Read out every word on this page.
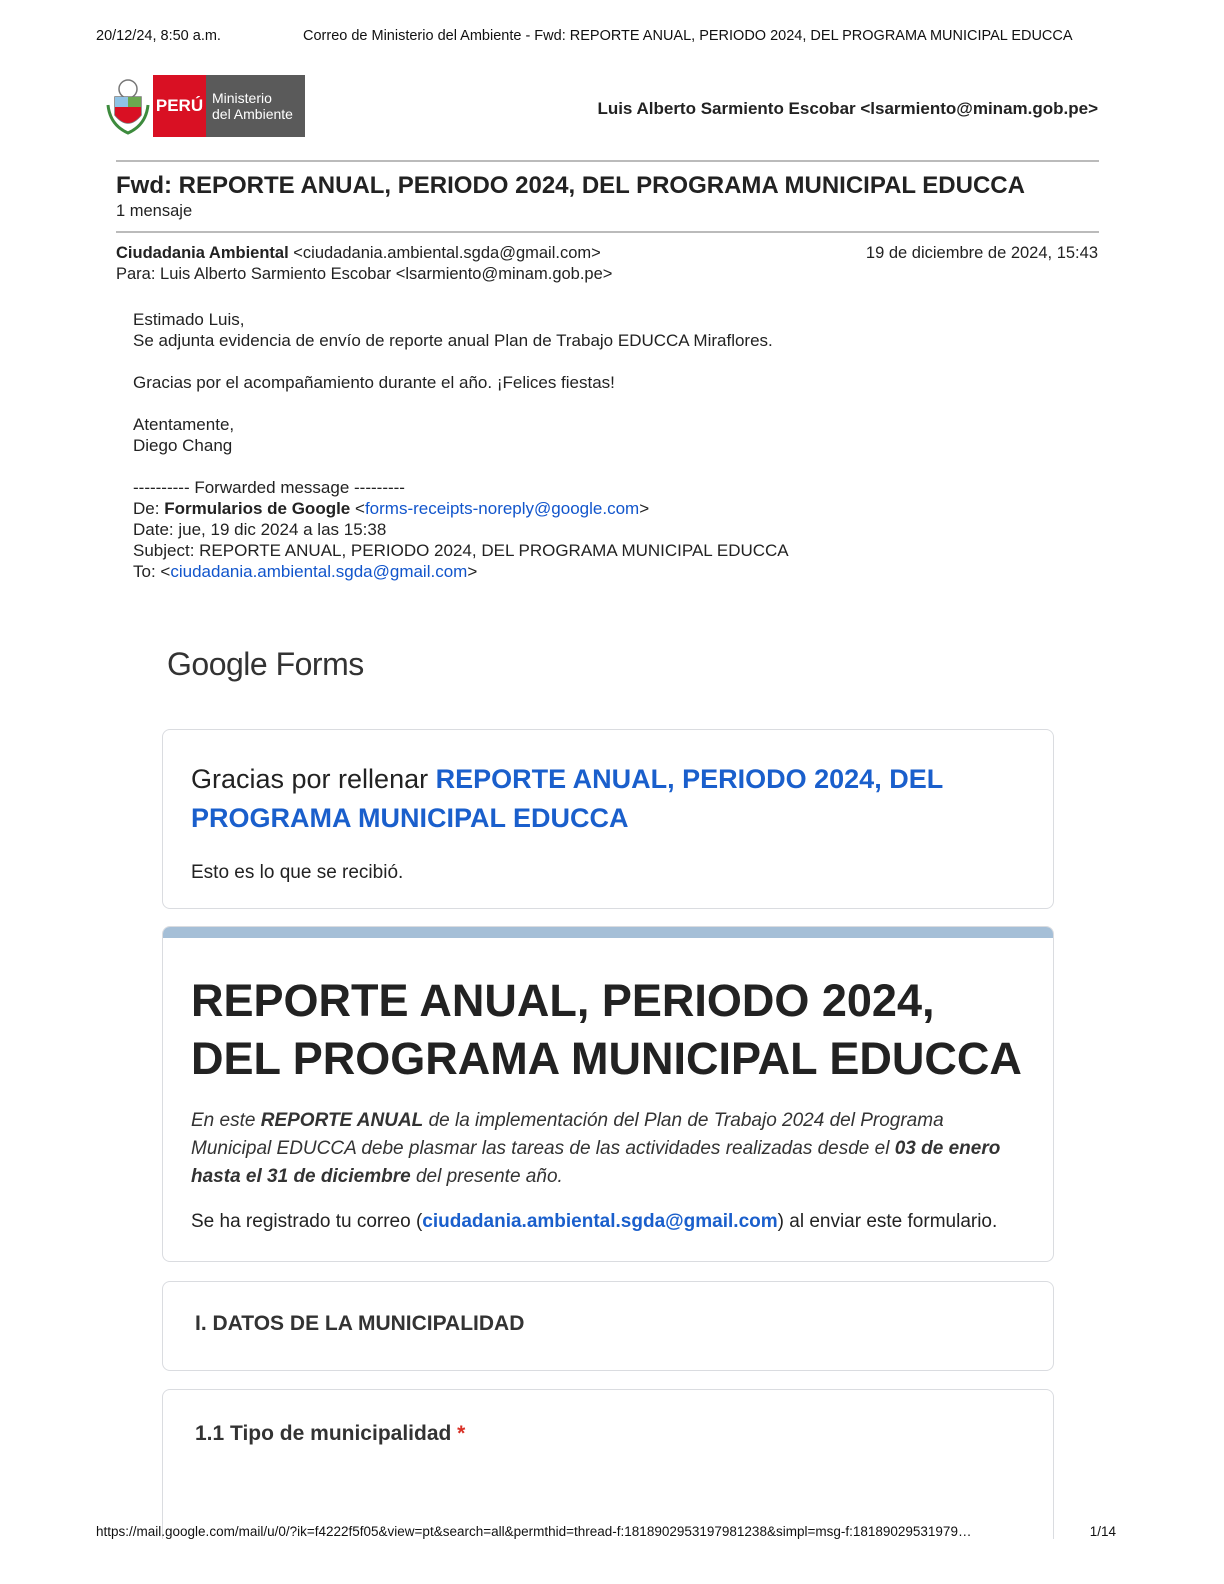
20/12/24, 8:50 a.m.	Correo de Ministerio del Ambiente - Fwd: REPORTE ANUAL, PERIODO 2024, DEL PROGRAMA MUNICIPAL EDUCCA
PERÚ Ministerio
del Ambiente	Luis Alberto Sarmiento Escobar <lsarmiento@minam.gob.pe>
Fwd: REPORTE ANUAL, PERIODO 2024, DEL PROGRAMA MUNICIPAL EDUCCA
1 mensaje
Ciudadania Ambiental <ciudadania.ambiental.sgda@gmail.com>	19 de diciembre de 2024, 15:43
Para: Luis Alberto Sarmiento Escobar <lsarmiento@minam.gob.pe>

Estimado Luis,

Se adjunta evidencia de envío de reporte anual Plan de Trabajo EDUCCA Miraflores.

Gracias por el acompañamiento durante el año. ¡Felices fiestas!

Atentamente,

Diego Chang

---------- Forwarded message ---------

De: Formularios de Google <forms-receipts-noreply@google.com>

Date: jue, 19 dic 2024 a las 15:38

Subject: REPORTE ANUAL, PERIODO 2024, DEL PROGRAMA MUNICIPAL EDUCCA

To: <ciudadania.ambiental.sgda@gmail.com>

Google Forms
Gracias por rellenar REPORTE ANUAL, PERIODO 2024, DEL PROGRAMA MUNICIPAL EDUCCA
Esto es lo que se recibió.
REPORTE ANUAL, PERIODO 2024, DEL PROGRAMA MUNICIPAL EDUCCA
En este REPORTE ANUAL de la implementación del Plan de Trabajo 2024 del Programa Municipal EDUCCA debe plasmar las tareas de las actividades realizadas desde el 03 de enero hasta el 31 de diciembre del presente año.
Se ha registrado tu correo (ciudadania.ambiental.sgda@gmail.com) al enviar este formulario.
I. DATOS DE LA MUNICIPALIDAD
1.1 Tipo de municipalidad *
https://mail.google.com/mail/u/0/?ik=f4222f5f05&view=pt&search=all&permthid=thread-f:1818902953197981238&simpl=msg-f:18189029531979…	1/14
